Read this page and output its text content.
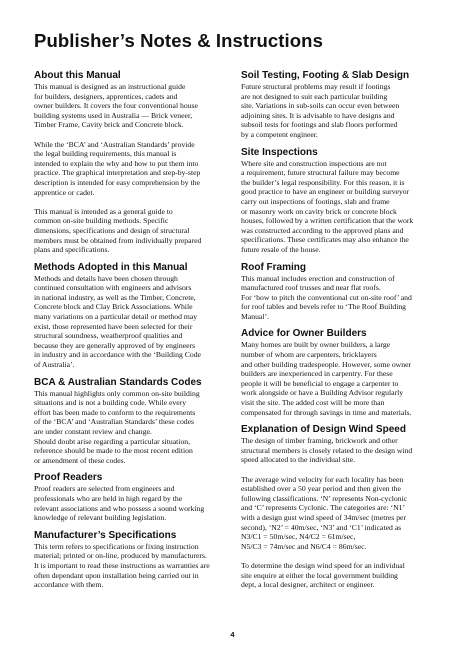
Publisher’s Notes & Instructions
About this Manual

This manual is designed as an instructional guide
for builders, designers, apprentices, cadets and
owner builders. It covers the four conventional house
building systems used in Australia — Brick veneer,
Timber Frame, Cavity brick and Concrete block.

While the ‘BCA’ and ‘Australian Standards’ provide
the legal building requirements, this manual is
intended to explain the why and how to put them into
practice. The graphical interpretation and step-by-step
description is intended for easy comprehension by the
apprentice or cadet.

This manual is intended as a general guide to
common on-site building methods. Specific
dimensions, specifications and design of structural
members must be obtained from individually prepared
plans and specifications.

Methods Adopted in this Manual

Methods and details have been chosen through
continued consultation with engineers and advisors
in national industry, as well as the Timber, Concrete,
Concrete block and Clay Brick Associations. While
many variations on a particular detail or method may
exist, those represented have been selected for their
structural soundness, weatherproof qualities and
because they are generally approved of by engineers
in industry and in accordance with the ‘Building Code
of Australia’.

BCA & Australian Standards Codes

This manual highlights only common on-site building
situations and is not a building code. While every
effort has been made to conform to the requirements
of the ‘BCA’ and ‘Australian Standards’ these codes
are under constant review and change.
Should doubt arise regarding a particular situation,
reference should be made to the most recent edition
or amendment of these codes.

Proof Readers

Proof readers are selected from engineers and
professionals who are held in high regard by the
relevant associations and who possess a sound working
knowledge of relevant building legislation.

Manufacturer’s Specifications

This term refers to specifications or fixing instruction
material; printed or on-line, produced by manufacturers.
It is important to read these instructions as warranties are
often dependant upon installation being carried out in
accordance with them.

Soil Testing, Footing & Slab Design

Future structural problems may result if footings
are not designed to suit each particular building
site. Variations in sub-soils can occur even between
adjoining sites. It is advisable to have designs and
subsoil tests for footings and slab floors performed
by a competent engineer.

Site Inspections

Where site and construction inspections are not
a requirement, future structural failure may become
the builder’s legal responsibility. For this reason, it is
good practice to have an engineer or building surveyor
carry out inspections of footings, slab and frame
or masonry work on cavity brick or concrete block
houses, followed by a written certification that the work
was constructed according to the approved plans and
specifications. These certificates may also enhance the
future resale of the house.

Roof Framing

This manual includes erection and construction of
manufactured roof trusses and near flat roofs.
For ‘how to pitch the conventional cut on-site roof’ and
for roof tables and bevels refer to ‘The Roof Building
Manual’.

Advice for Owner Builders

Many homes are built by owner builders, a large
number of whom are carpenters, bricklayers
and other building tradespeople. However, some owner
builders are inexperienced in carpentry. For these
people it will be beneficial to engage a carpenter to
work alongside or have a Building Advisor regularly
visit the site. The added cost will be more than
compensated for through savings in time and materials.

Explanation of Design Wind Speed

The design of timber framing, brickwork and other
structural members is closely related to the design wind
speed allocated to the individual site.

The average wind velocity for each locality has been
established over a 50 year period and then given the
following classifications. ‘N’ represents Non-cyclonic
and ‘C’ represents Cyclonic. The categories are: ‘N1’
with a design gust wind speed of 34m/sec (metres per
second), ‘N2’ = 40m/sec, ‘N3’ and ‘C1’ indicated as
N3/C1 = 50m/sec, N4/C2 = 61m/sec,
N5/C3 = 74m/sec and N6/C4 = 86m/sec.

To determine the design wind speed for an individual
site enquire at either the local government building
dept, a local designer, architect or engineer.

4
